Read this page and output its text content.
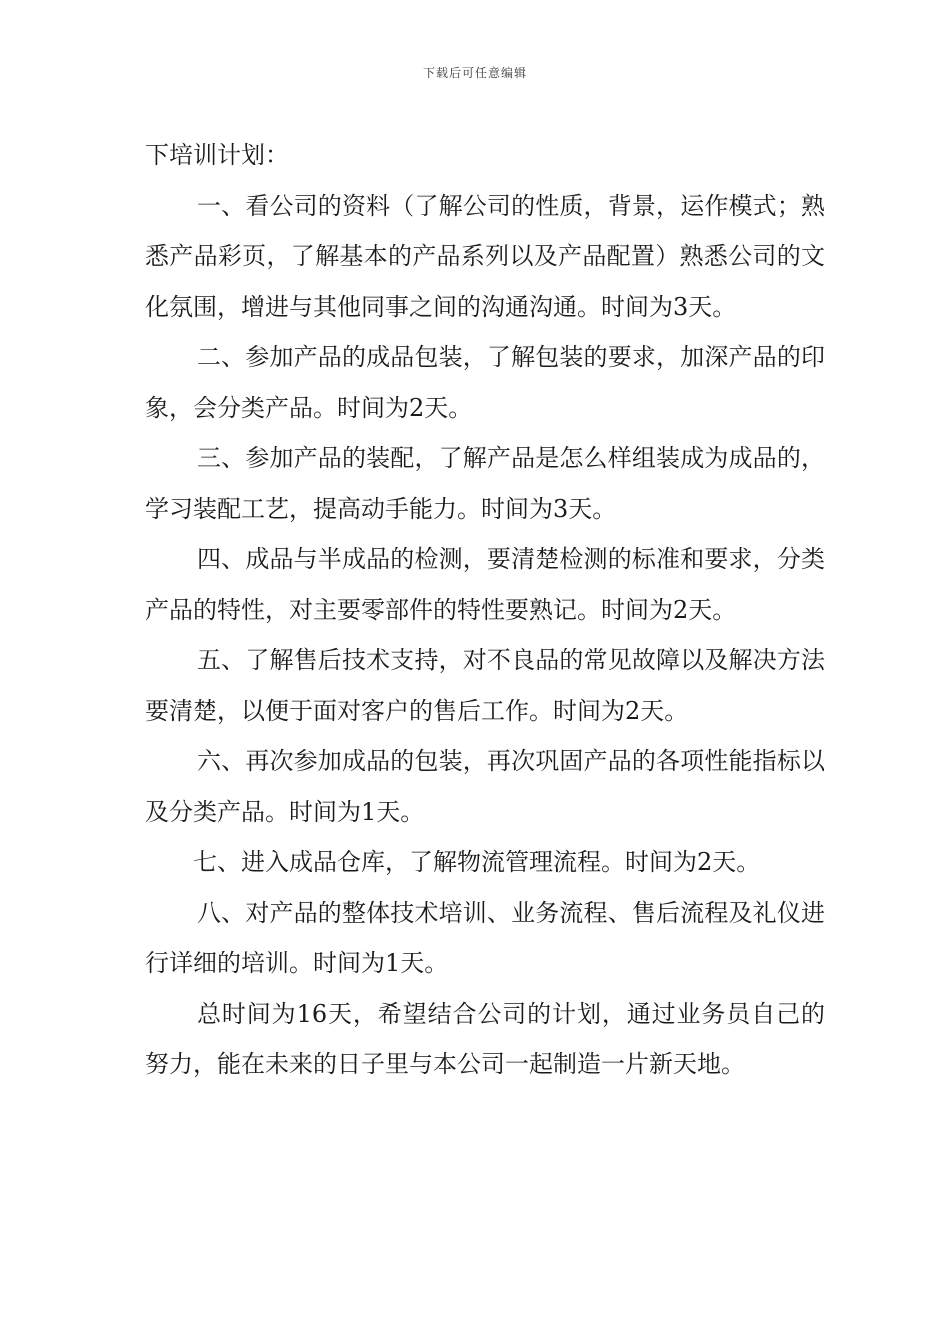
下载后可任意编辑

下培训计划：

一、看公司的资料（了解公司的性质，背景，运作模式；熟悉产品彩页，了解基本的产品系列以及产品配置）熟悉公司的文化氛围，增进与其他同事之间的沟通沟通。时间为3天。

二、参加产品的成品包装，了解包装的要求，加深产品的印象，会分类产品。时间为2天。

三、参加产品的装配，了解产品是怎么样组装成为成品的，学习装配工艺，提高动手能力。时间为3天。

四、成品与半成品的检测，要清楚检测的标准和要求，分类产品的特性，对主要零部件的特性要熟记。时间为2天。

五、了解售后技术支持，对不良品的常见故障以及解决方法要清楚，以便于面对客户的售后工作。时间为2天。

六、再次参加成品的包装，再次巩固产品的各项性能指标以及分类产品。时间为1天。

七、进入成品仓库，了解物流管理流程。时间为2天。

八、对产品的整体技术培训、业务流程、售后流程及礼仪进行详细的培训。时间为1天。

总时间为16天，希望结合公司的计划，通过业务员自己的努力，能在未来的日子里与本公司一起制造一片新天地。
